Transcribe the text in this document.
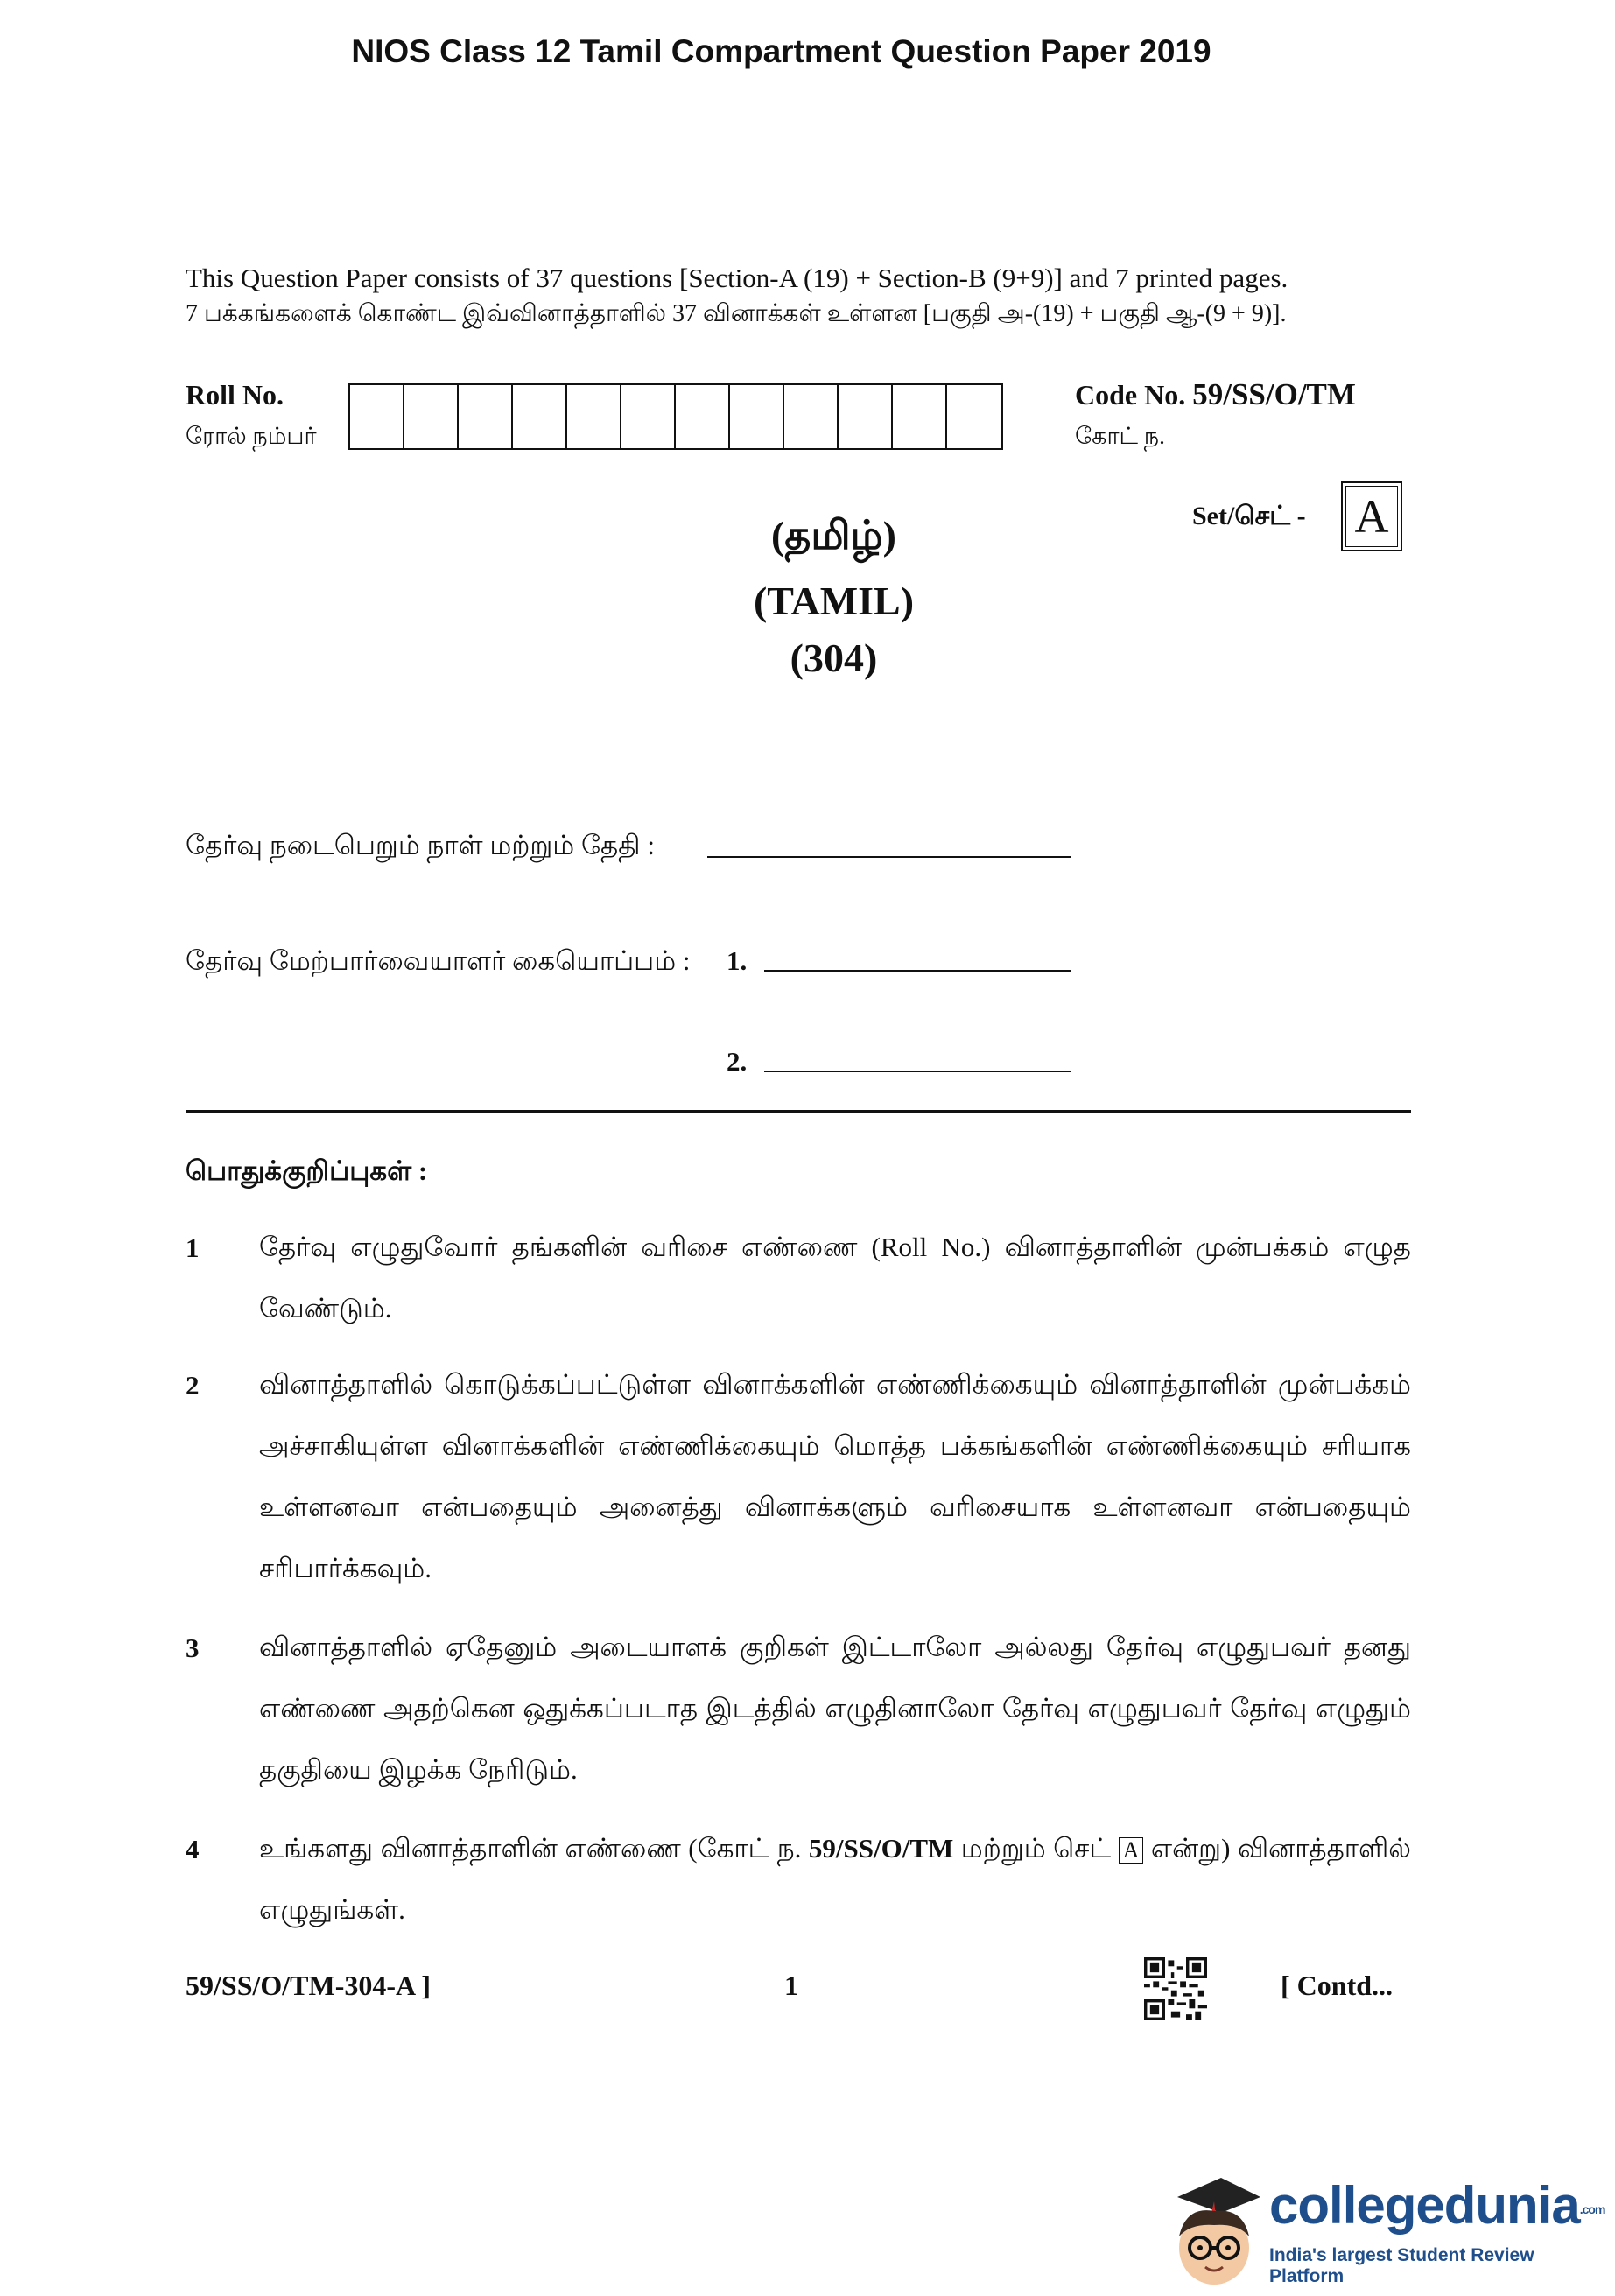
NIOS Class 12 Tamil Compartment Question Paper 2019
This Question Paper consists of 37 questions [Section-A (19) + Section-B (9+9)] and 7 printed pages.
7 பக்கங்களைக் கொண்ட இவ்வினாத்தாளில் 37 வினாக்கள் உள்ளன [பகுதி அ-(19) + பகுதி ஆ-(9 + 9)].
Roll No.
ரோல் நம்பர்
Code No. 59/SS/O/TM
கோட் ந.
Set/செட் - A
(தமிழ்)
(TAMIL)
(304)
தேர்வு நடைபெறும் நாள் மற்றும் தேதி :
தேர்வு மேற்பார்வையாளர் கையொப்பம் : 1.
2.
பொதுக்குறிப்புகள் :
1 தேர்வு எழுதுவோர் தங்களின் வரிசை எண்ணை (Roll No.) வினாத்தாளின் முன்பக்கம் எழுத வேண்டும்.
2 வினாத்தாளில் கொடுக்கப்பட்டுள்ள வினாக்களின் எண்ணிக்கையும் வினாத்தாளின் முன்பக்கம் அச்சாகியுள்ள வினாக்களின் எண்ணிக்கையும் மொத்த பக்கங்களின் எண்ணிக்கையும் சரியாக உள்ளனவா என்பதையும் அனைத்து வினாக்களும் வரிசையாக உள்ளனவா என்பதையும் சரிபார்க்கவும்.
3 வினாத்தாளில் ஏதேனும் அடையாளக் குறிகள் இட்டாலோ அல்லது தேர்வு எழுதுபவர் தனது எண்ணை அதற்கென ஒதுக்கப்படாத இடத்தில் எழுதினாலோ தேர்வு எழுதுபவர் தேர்வு எழுதும் தகுதியை இழக்க நேரிடும்.
4 உங்களது வினாத்தாளின் எண்ணை (கோட் ந. 59/SS/O/TM மற்றும் செட் A என்று) வினாத்தாளில் எழுதுங்கள்.
59/SS/O/TM-304-A ]	1	[ Contd...
collegedunia.com
India's largest Student Review Platform
